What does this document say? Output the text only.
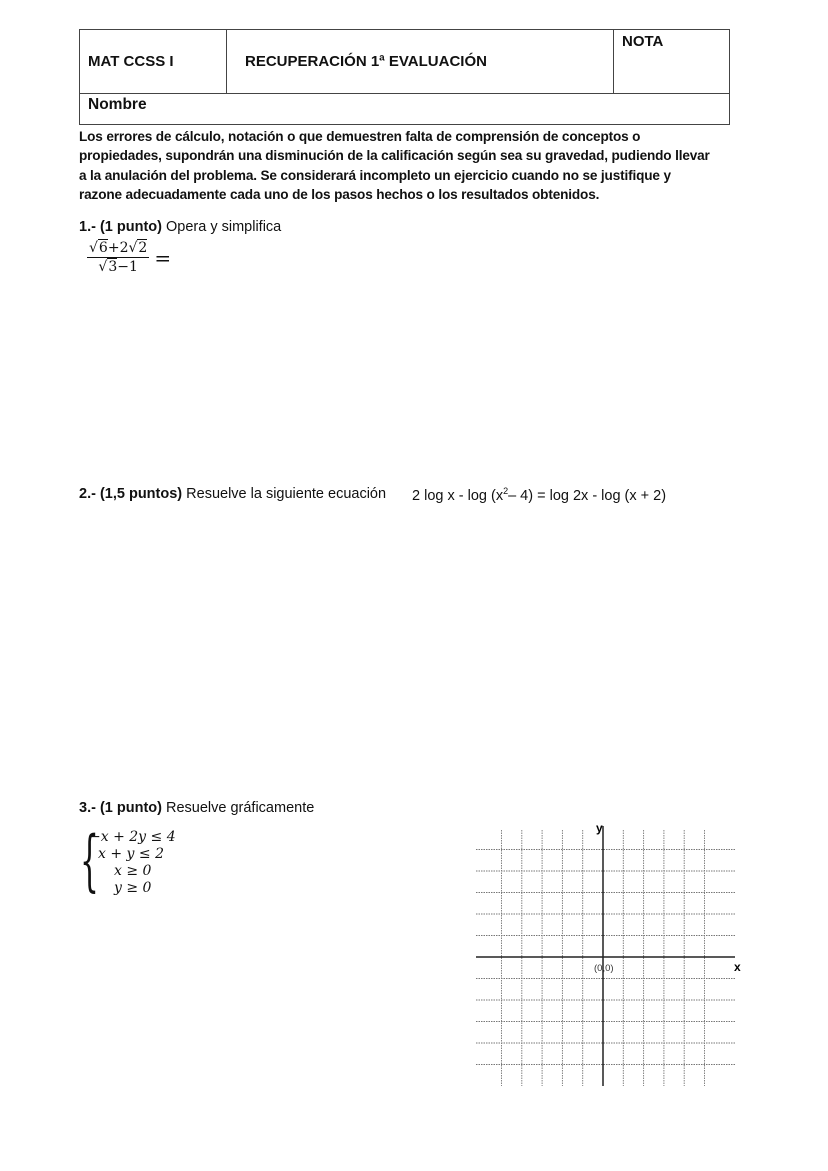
MAT CCSS I	RECUPERACIÓN 1ª EVALUACIÓN	NOTA
Nombre
Los errores de cálculo, notación o que demuestren falta de comprensión de conceptos o
propiedades, supondrán una disminución de la calificación según sea su gravedad, pudiendo llevar
a la anulación del problema. Se considerará incompleto un ejercicio cuando no se justifique y
razone adecuadamente cada uno de los pasos hechos o los resultados obtenidos.
1.- (1 punto) Opera y simplifica
$\frac{√6+2√2}{√3-1}$ =
2.- (1,5 puntos) Resuelve la siguiente ecuación 2 log x - $\log (x^2-$ 4) = log 2x - log (x + 2)
3.- (1 punto) Resuelve gráficamente
{
−x + 2y ≤ 4
x + y ≤ 2
x ≥ 0
y ≥ 0
y
x
(0,0)
